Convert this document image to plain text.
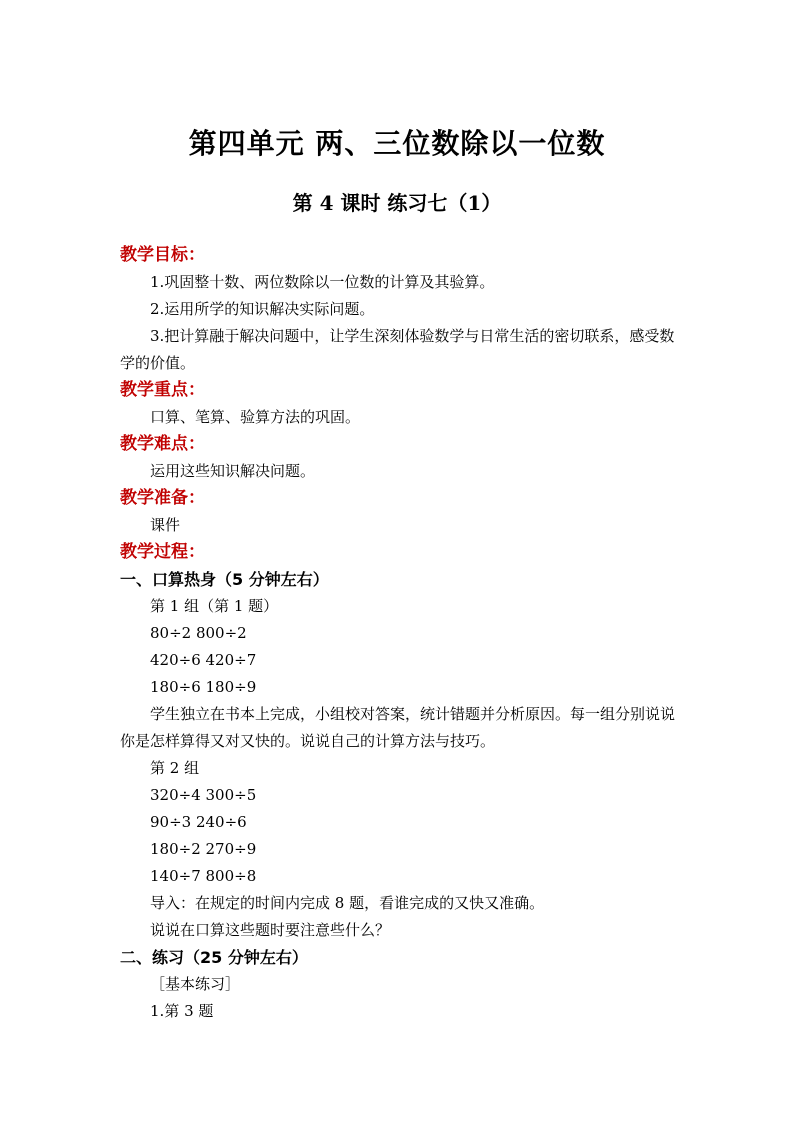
第四单元 两、三位数除以一位数
第 4 课时 练习七（1）
教学目标：
1.巩固整十数、两位数除以一位数的计算及其验算。
2.运用所学的知识解决实际问题。
3.把计算融于解决问题中，让学生深刻体验数学与日常生活的密切联系，感受数学的价值。
教学重点：
口算、笔算、验算方法的巩固。
教学难点：
运用这些知识解决问题。
教学准备：
课件
教学过程：
一、口算热身（5 分钟左右）
第 1 组（第 1 题）
80÷2 800÷2
420÷6 420÷7
180÷6 180÷9
学生独立在书本上完成，小组校对答案，统计错题并分析原因。每一组分别说说你是怎样算得又对又快的。说说自己的计算方法与技巧。
第 2 组
320÷4 300÷5
90÷3 240÷6
180÷2 270÷9
140÷7 800÷8
导入：在规定的时间内完成 8 题，看谁完成的又快又准确。
说说在口算这些题时要注意些什么？
二、练习（25 分钟左右）
［基本练习］
1.第 3 题
